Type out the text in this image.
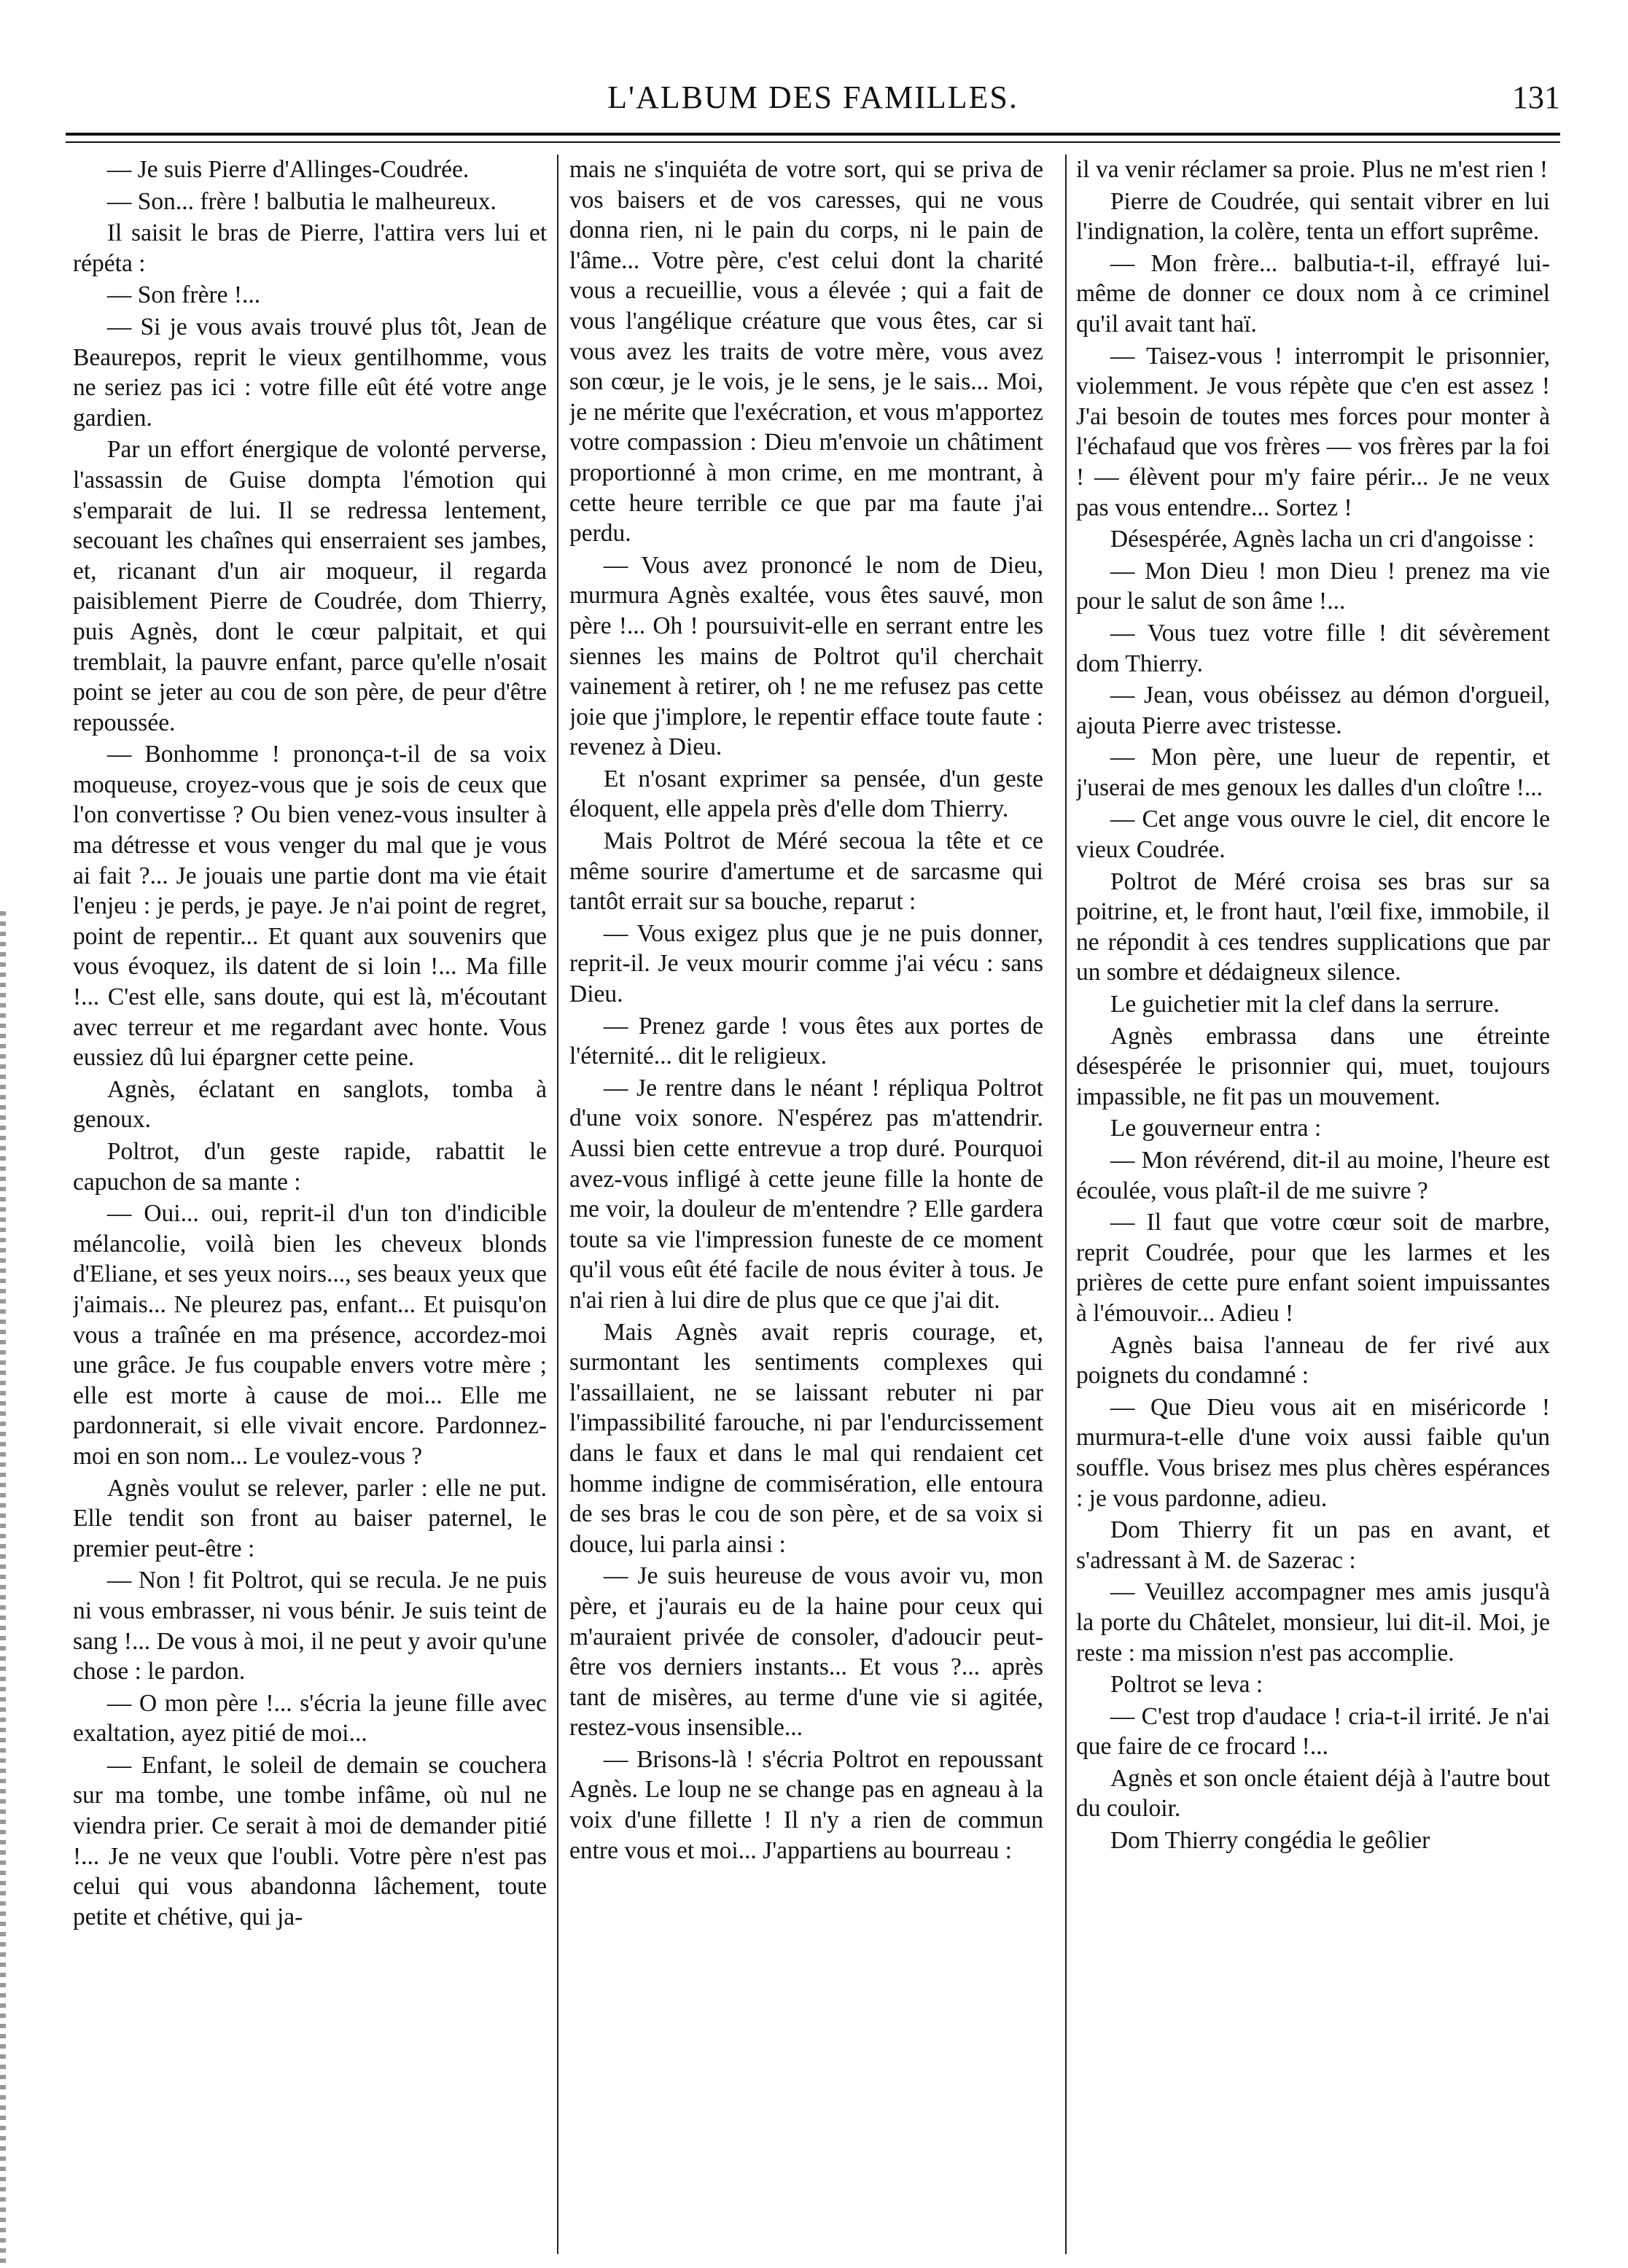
L'ALBUM DES FAMILLES.	131

— Je suis Pierre d'Allinges-Coudrée.

— Son... frère ! balbutia le malheureux.

Il saisit le bras de Pierre, l'attira vers lui et répéta :

— Son frère !...

— Si je vous avais trouvé plus tôt, Jean de Beaurepos, reprit le vieux gentilhomme, vous ne seriez pas ici : votre fille eût été votre ange gardien.

Par un effort énergique de volonté perverse, l'assassin de Guise dompta l'émotion qui s'emparait de lui. Il se redressa lentement, secouant les chaînes qui enserraient ses jambes, et, ricanant d'un air moqueur, il regarda paisiblement Pierre de Coudrée, dom Thierry, puis Agnès, dont le cœur palpitait, et qui tremblait, la pauvre enfant, parce qu'elle n'osait point se jeter au cou de son père, de peur d'être repoussée.

— Bonhomme ! prononça-t-il de sa voix moqueuse, croyez-vous que je sois de ceux que l'on convertisse ? Ou bien venez-vous insulter à ma détresse et vous venger du mal que je vous ai fait ?... Je jouais une partie dont ma vie était l'enjeu : je perds, je paye. Je n'ai point de regret, point de repentir... Et quant aux souvenirs que vous évoquez, ils datent de si loin !... Ma fille !... C'est elle, sans doute, qui est là, m'écoutant avec terreur et me regardant avec honte. Vous eussiez dû lui épargner cette peine.

Agnès, éclatant en sanglots, tomba à genoux.

Poltrot, d'un geste rapide, rabattit le capuchon de sa mante :

— Oui... oui, reprit-il d'un ton d'indicible mélancolie, voilà bien les cheveux blonds d'Eliane, et ses yeux noirs..., ses beaux yeux que j'aimais... Ne pleurez pas, enfant... Et puisqu'on vous a traînée en ma présence, accordez-moi une grâce. Je fus coupable envers votre mère ; elle est morte à cause de moi... Elle me pardonnerait, si elle vivait encore. Pardonnez-moi en son nom... Le voulez-vous ?

Agnès voulut se relever, parler : elle ne put. Elle tendit son front au baiser paternel, le premier peut-être :

— Non ! fit Poltrot, qui se recula. Je ne puis ni vous embrasser, ni vous bénir. Je suis teint de sang !... De vous à moi, il ne peut y avoir qu'une chose : le pardon.

— O mon père !... s'écria la jeune fille avec exaltation, ayez pitié de moi...

— Enfant, le soleil de demain se couchera sur ma tombe, une tombe infâme, où nul ne viendra prier. Ce serait à moi de demander pitié !... Je ne veux que l'oubli. Votre père n'est pas celui qui vous abandonna lâchement, toute petite et chétive, qui ja-

mais ne s'inquiéta de votre sort, qui se priva de vos baisers et de vos caresses, qui ne vous donna rien, ni le pain du corps, ni le pain de l'âme... Votre père, c'est celui dont la charité vous a recueillie, vous a élevée ; qui a fait de vous l'angélique créature que vous êtes, car si vous avez les traits de votre mère, vous avez son cœur, je le vois, je le sens, je le sais... Moi, je ne mérite que l'exécration, et vous m'apportez votre compassion : Dieu m'envoie un châtiment proportionné à mon crime, en me montrant, à cette heure terrible ce que par ma faute j'ai perdu.

— Vous avez prononcé le nom de Dieu, murmura Agnès exaltée, vous êtes sauvé, mon père !... Oh ! poursuivit-elle en serrant entre les siennes les mains de Poltrot qu'il cherchait vainement à retirer, oh ! ne me refusez pas cette joie que j'implore, le repentir efface toute faute : revenez à Dieu.

Et n'osant exprimer sa pensée, d'un geste éloquent, elle appela près d'elle dom Thierry.

Mais Poltrot de Méré secoua la tête et ce même sourire d'amertume et de sarcasme qui tantôt errait sur sa bouche, reparut :

— Vous exigez plus que je ne puis donner, reprit-il. Je veux mourir comme j'ai vécu : sans Dieu.

— Prenez garde ! vous êtes aux portes de l'éternité... dit le religieux.

— Je rentre dans le néant ! répliqua Poltrot d'une voix sonore. N'espérez pas m'attendrir. Aussi bien cette entrevue a trop duré. Pourquoi avez-vous infligé à cette jeune fille la honte de me voir, la douleur de m'entendre ? Elle gardera toute sa vie l'impression funeste de ce moment qu'il vous eût été facile de nous éviter à tous. Je n'ai rien à lui dire de plus que ce que j'ai dit.

Mais Agnès avait repris courage, et, surmontant les sentiments complexes qui l'assaillaient, ne se laissant rebuter ni par l'impassibilité farouche, ni par l'endurcissement dans le faux et dans le mal qui rendaient cet homme indigne de commisération, elle entoura de ses bras le cou de son père, et de sa voix si douce, lui parla ainsi :

— Je suis heureuse de vous avoir vu, mon père, et j'aurais eu de la haine pour ceux qui m'auraient privée de consoler, d'adoucir peut-être vos derniers instants... Et vous ?... après tant de misères, au terme d'une vie si agitée, restez-vous insensible...

— Brisons-là ! s'écria Poltrot en repoussant Agnès. Le loup ne se change pas en agneau à la voix d'une fillette ! Il n'y a rien de commun entre vous et moi... J'appartiens au bourreau :

il va venir réclamer sa proie. Plus ne m'est rien !

Pierre de Coudrée, qui sentait vibrer en lui l'indignation, la colère, tenta un effort suprême.

— Mon frère... balbutia-t-il, effrayé lui-même de donner ce doux nom à ce criminel qu'il avait tant haï.

— Taisez-vous ! interrompit le prisonnier, violemment. Je vous répète que c'en est assez ! J'ai besoin de toutes mes forces pour monter à l'échafaud que vos frères — vos frères par la foi ! — élèvent pour m'y faire périr... Je ne veux pas vous entendre... Sortez !

Désespérée, Agnès lacha un cri d'angoisse :

— Mon Dieu ! mon Dieu ! prenez ma vie pour le salut de son âme !...

— Vous tuez votre fille ! dit sévèrement dom Thierry.

— Jean, vous obéissez au démon d'orgueil, ajouta Pierre avec tristesse.

— Mon père, une lueur de repentir, et j'userai de mes genoux les dalles d'un cloître !...

— Cet ange vous ouvre le ciel, dit encore le vieux Coudrée.

Poltrot de Méré croisa ses bras sur sa poitrine, et, le front haut, l'œil fixe, immobile, il ne répondit à ces tendres supplications que par un sombre et dédaigneux silence.

Le guichetier mit la clef dans la serrure.

Agnès embrassa dans une étreinte désespérée le prisonnier qui, muet, toujours impassible, ne fit pas un mouvement.

Le gouverneur entra :

— Mon révérend, dit-il au moine, l'heure est écoulée, vous plaît-il de me suivre ?

— Il faut que votre cœur soit de marbre, reprit Coudrée, pour que les larmes et les prières de cette pure enfant soient impuissantes à l'émouvoir... Adieu !

Agnès baisa l'anneau de fer rivé aux poignets du condamné :

— Que Dieu vous ait en miséricorde ! murmura-t-elle d'une voix aussi faible qu'un souffle. Vous brisez mes plus chères espérances : je vous pardonne, adieu.

Dom Thierry fit un pas en avant, et s'adressant à M. de Sazerac :

— Veuillez accompagner mes amis jusqu'à la porte du Châtelet, monsieur, lui dit-il. Moi, je reste : ma mission n'est pas accomplie.

Poltrot se leva :

— C'est trop d'audace ! cria-t-il irrité. Je n'ai que faire de ce frocard !...

Agnès et son oncle étaient déjà à l'autre bout du couloir.

Dom Thierry congédia le geôlier
